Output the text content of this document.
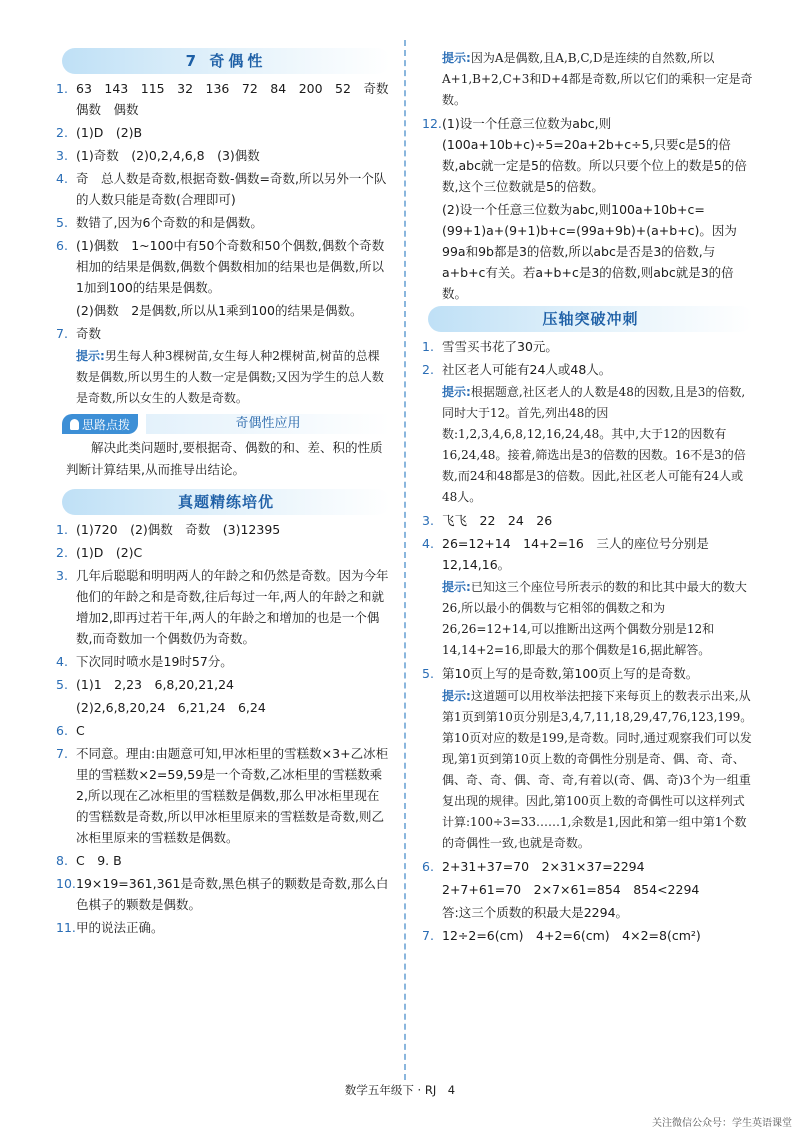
7 奇偶性
1. 63　143　115　32　136　72　84　200　52　奇数　偶数　偶数
2. (1)D　(2)B
3. (1)奇数　(2)0,2,4,6,8　(3)偶数
4. 奇　总人数是奇数,根据奇数-偶数=奇数,所以另外一个队的人数只能是奇数(合理即可)
5. 数错了,因为6个奇数的和是偶数。
6. (1)偶数　1~100中有50个奇数和50个偶数,偶数个奇数相加的结果是偶数,偶数个偶数相加的结果也是偶数,所以1加到100的结果是偶数。
(2)偶数　2是偶数,所以从1乘到100的结果是偶数。
7. 奇数
提示:男生每人种3棵树苗,女生每人种2棵树苗,树苗的总棵数是偶数,所以男生的人数一定是偶数;又因为学生的总人数是奇数,所以女生的人数是奇数。
思路点拨	奇偶性应用
解决此类问题时,要根据奇、偶数的和、差、积的性质判断计算结果,从而推导出结论。
真题精练培优
1. (1)720　(2)偶数　奇数　(3)12395
2. (1)D　(2)C
3. 几年后聪聪和明明两人的年龄之和仍然是奇数。因为今年他们的年龄之和是奇数,往后每过一年,两人的年龄之和就增加2,即再过若干年,两人的年龄之和增加的也是一个偶数,而奇数加一个偶数仍为奇数。
4. 下次同时喷水是19时57分。
5. (1)1　2,23　6,8,20,21,24
(2)2,6,8,20,24　6,21,24　6,24
6. C
7. 不同意。理由:由题意可知,甲冰柜里的雪糕数×3+乙冰柜里的雪糕数×2=59,59是一个奇数,乙冰柜里的雪糕数乘2,所以现在乙冰柜里的雪糕数是偶数,那么甲冰柜里现在的雪糕数是奇数,所以甲冰柜里原来的雪糕数是奇数,则乙冰柜里原来的雪糕数是偶数。
8. C　9. B
10. 19×19=361,361是奇数,黑色棋子的颗数是奇数,那么白色棋子的颗数是偶数。
11. 甲的说法正确。
提示:因为A是偶数,且A,B,C,D是连续的自然数,所以A+1,B+2,C+3和D+4都是奇数,所以它们的乘积一定是奇数。
12. (1)设一个任意三位数为abc,则(100a+10b+c)÷5=20a+2b+c÷5,只要c是5的倍数,abc就一定是5的倍数。所以只要个位上的数是5的倍数,这个三位数就是5的倍数。
(2)设一个任意三位数为abc,则100a+10b+c=(99+1)a+(9+1)b+c=(99a+9b)+(a+b+c)。因为99a和9b都是3的倍数,所以abc是否是3的倍数,与a+b+c有关。若a+b+c是3的倍数,则abc就是3的倍数。
压轴突破冲刺
1. 雪雪买书花了30元。
2. 社区老人可能有24人或48人。
提示:根据题意,社区老人的人数是48的因数,且是3的倍数,同时大于12。首先,列出48的因数:1,2,3,4,6,8,12,16,24,48。其中,大于12的因数有16,24,48。接着,筛选出是3的倍数的因数。16不是3的倍数,而24和48都是3的倍数。因此,社区老人可能有24人或48人。
3. 飞飞　22　24　26
4. 26=12+14　14+2=16　三人的座位号分别是12,14,16。
提示:已知这三个座位号所表示的数的和比其中最大的数大26,所以最小的偶数与它相邻的偶数之和为26,26=12+14,可以推断出这两个偶数分别是12和14,14+2=16,即最大的那个偶数是16,据此解答。
5. 第10页上写的是奇数,第100页上写的是奇数。
提示:这道题可以用枚举法把接下来每页上的数表示出来,从第1页到第10页分别是3,4,7,11,18,29,47,76,123,199。第10页对应的数是199,是奇数。同时,通过观察我们可以发现,第1页到第10页上数的奇偶性分别是奇、偶、奇、奇、偶、奇、奇、偶、奇、奇,有着以(奇、偶、奇)3个为一组重复出现的规律。因此,第100页上数的奇偶性可以这样列式计算:100÷3=33……1,余数是1,因此和第一组中第1个数的奇偶性一致,也就是奇数。
6. 2+31+37=70　2×31×37=2294
2+7+61=70　2×7×61=854　854<2294
答:这三个质数的积最大是2294。
7. 12÷2=6(cm)　4+2=6(cm)　4×2=8(cm²)
数学五年级下 · RJ　4
关注微信公众号：学生英语课堂
